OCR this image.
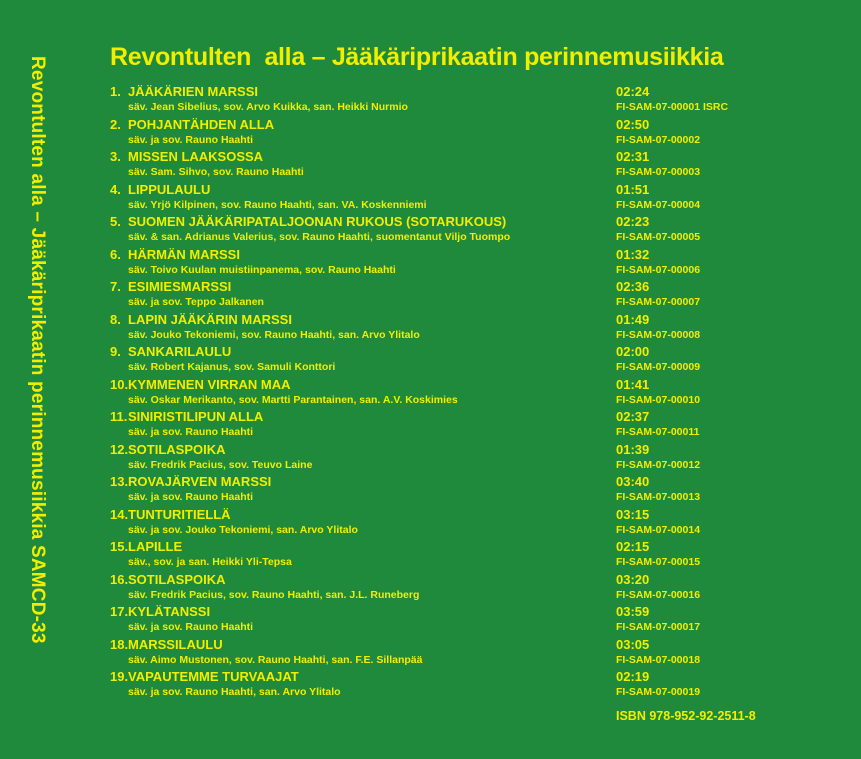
Revontulten alla – Jääkäriprikaatin perinnemusiikkia SAMCD-33 Revontulten  alla – Jääkäriprikaatin perinnemusiikkia
1. JÄÄKÄRIEN MARSSI	02:24
säv. Jean Sibelius, sov. Arvo Kuikka, san. Heikki Nurmio	FI-SAM-07-00001 ISRC
2. POHJANTÄHDEN ALLA	02:50
säv. ja sov. Rauno Haahti	FI-SAM-07-00002
3. MISSEN LAAKSOSSA	02:31
säv. Sam. Sihvo, sov. Rauno Haahti	FI-SAM-07-00003
4. LIPPULAULU	01:51
säv. Yrjö Kilpinen, sov. Rauno Haahti, san. VA. Koskenniemi	FI-SAM-07-00004
5. SUOMEN JÄÄKÄRIPATALJOONAN RUKOUS (SOTARUKOUS)	02:23
säv. & san. Adrianus Valerius, sov. Rauno Haahti, suomentanut Viljo Tuompo	FI-SAM-07-00005
6. HÄRMÄN MARSSI	01:32
säv. Toivo Kuulan muistiinpanema, sov. Rauno Haahti	FI-SAM-07-00006
7. ESIMIESMARSSI	02:36
säv. ja sov. Teppo Jalkanen	FI-SAM-07-00007
8. LAPIN JÄÄKÄRIN MARSSI	01:49
säv. Jouko Tekoniemi, sov. Rauno Haahti, san. Arvo Ylitalo	FI-SAM-07-00008
9. SANKARILAULU	02:00
säv. Robert Kajanus, sov. Samuli Konttori	FI-SAM-07-00009
10. KYMMENEN VIRRAN MAA	01:41
säv. Oskar Merikanto, sov. Martti Parantainen, san. A.V. Koskimies	FI-SAM-07-00010
11. SINIRISTILIPUN ALLA	02:37
säv. ja sov. Rauno Haahti	FI-SAM-07-00011
12. SOTILASPOIKA	01:39
säv. Fredrik Pacius, sov. Teuvo Laine	FI-SAM-07-00012
13. ROVAJÄRVEN MARSSI	03:40
säv. ja sov. Rauno Haahti	FI-SAM-07-00013
14. TUNTURITIELLÄ	03:15
säv. ja sov. Jouko Tekoniemi, san. Arvo Ylitalo	FI-SAM-07-00014
15. LAPILLE	02:15
säv., sov. ja san. Heikki Yli-Tepsa	FI-SAM-07-00015
16. SOTILASPOIKA	03:20
säv. Fredrik Pacius, sov. Rauno Haahti, san. J.L. Runeberg	FI-SAM-07-00016
17. KYLÄTANSSI	03:59
säv. ja sov. Rauno Haahti	FI-SAM-07-00017
18. MARSSILAULU	03:05
säv. Aimo Mustonen, sov. Rauno Haahti, san. F.E. Sillanpää	FI-SAM-07-00018
19. VAPAUTEMME TURVAAJAT	02:19
säv. ja sov. Rauno Haahti, san. Arvo Ylitalo	FI-SAM-07-00019
ISBN 978-952-92-2511-8
